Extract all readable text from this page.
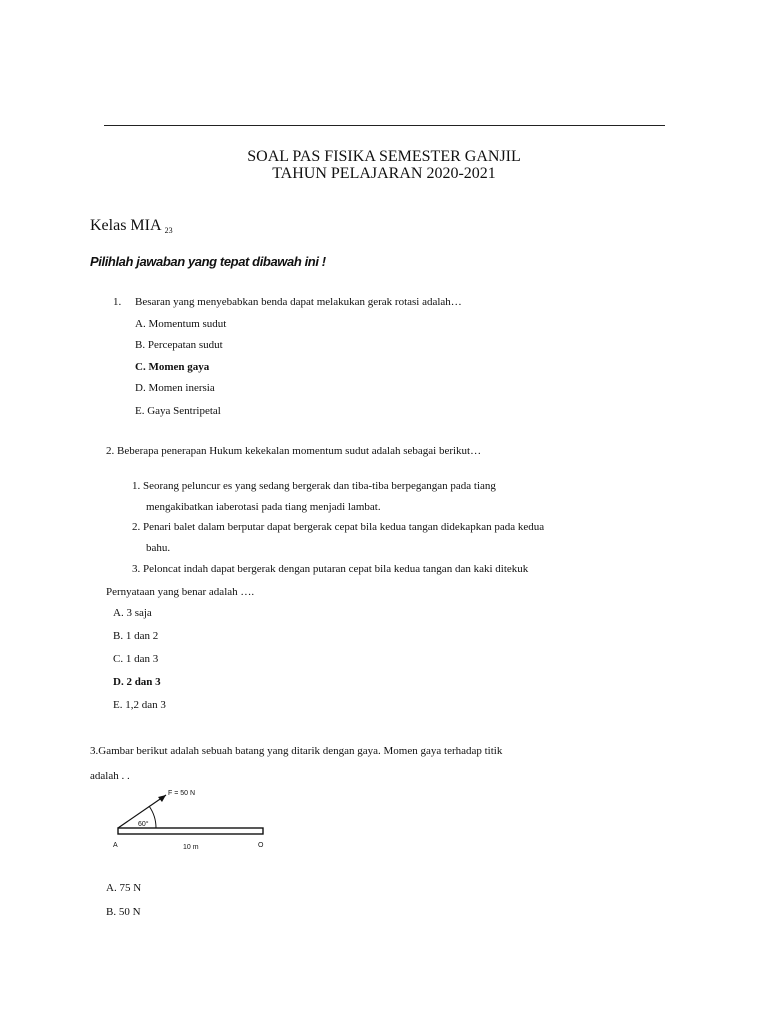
SOAL PAS FISIKA SEMESTER GANJIL
TAHUN PELAJARAN 2020-2021
Kelas MIA $_{23}$
Pilihlah jawaban yang tepat dibawah ini !
1. Besaran yang menyebabkan benda dapat melakukan gerak rotasi adalah…
A. Momentum sudut
B. Percepatan sudut
C. Momen gaya
D. Momen inersia
E. Gaya Sentripetal
2. Beberapa penerapan Hukum kekekalan momentum sudut adalah sebagai berikut…
1. Seorang peluncur es yang sedang bergerak dan tiba-tiba berpegangan pada tiang
mengakibatkan iaberotasi pada tiang menjadi lambat.
2. Penari balet dalam berputar dapat bergerak cepat bila kedua tangan didekapkan pada kedua
bahu.
3. Peloncat indah dapat bergerak dengan putaran cepat bila kedua tangan dan kaki ditekuk
Pernyataan yang benar adalah ….
A. 3 saja
B. 1 dan 2
C. 1 dan 3
D. 2 dan 3
E. 1,2 dan 3
3.Gambar berikut adalah sebuah batang yang ditarik dengan gaya. Momen gaya terhadap titik
adalah . .
F = 50 N
60°
A	10 m	O
A. 75 N
B. 50 N
